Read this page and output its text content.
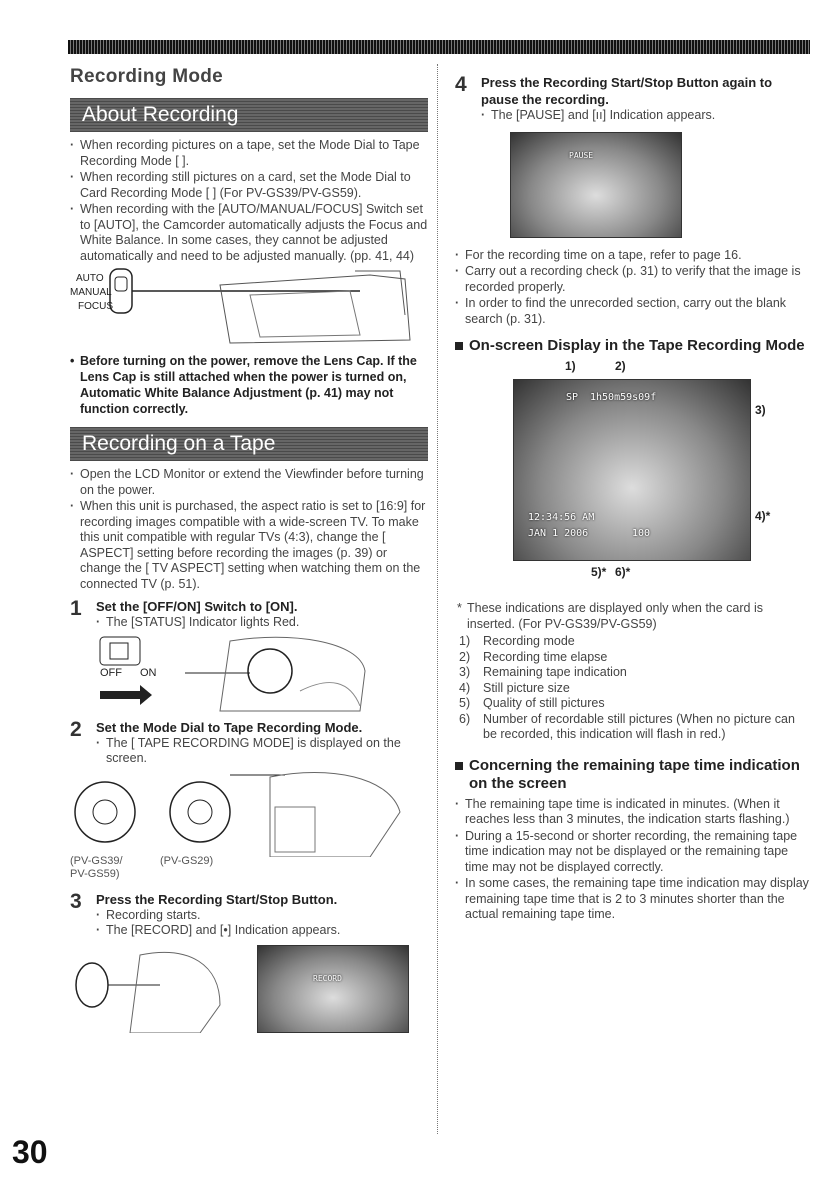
Recording Mode
About Recording
· When recording pictures on a tape, set the Mode Dial to Tape Recording Mode [ ].
· When recording still pictures on a card, set the Mode Dial to Card Recording Mode [ ] (For PV-GS39/PV-GS59).
· When recording with the [AUTO/MANUAL/FOCUS] Switch set to [AUTO], the Camcorder automatically adjusts the Focus and White Balance. In some cases, they cannot be adjusted automatically and need to be adjusted manually. (pp. 41, 44)
AUTO
MANUAL
FOCUS
• Before turning on the power, remove the Lens Cap. If the Lens Cap is still attached when the power is turned on, Automatic White Balance Adjustment (p. 41) may not function correctly.
Recording on a Tape
· Open the LCD Monitor or extend the Viewfinder before turning on the power.
· When this unit is purchased, the aspect ratio is set to [16:9] for recording images compatible with a wide-screen TV. To make this unit compatible with regular TVs (4:3), change the [ ASPECT] setting before recording the images (p. 39) or change the [ TV ASPECT] setting when watching them on the connected TV (p. 51).
1	Set the [OFF/ON] Switch to [ON].
· The [STATUS] Indicator lights Red.
OFF ON
2	Set the Mode Dial to Tape Recording Mode.
· The [ TAPE RECORDING MODE] is displayed on the screen.
(PV-GS39/ PV-GS59)
(PV-GS29)
3	Press the Recording Start/Stop Button.
· Recording starts.
· The [RECORD] and [•] Indication appears.
RECORD
4	Press the Recording Start/Stop Button again to pause the recording.
· The [PAUSE] and [ıı] Indication appears.
PAUSE
· For the recording time on a tape, refer to page 16.
· Carry out a recording check (p. 31) to verify that the image is recorded properly.
· In order to find the unrecorded section, carry out the blank search (p. 31).
On-screen Display in the Tape Recording Mode
1)	2)
SP 1h50m59s09f
12:34:56 AM
JAN 1 2006	100
3)
4)*
5)* 6)*
* These indications are displayed only when the card is inserted. (For PV-GS39/PV-GS59)
1)	Recording mode
2)	Recording time elapse
3)	Remaining tape indication
4)	Still picture size
5)	Quality of still pictures
6)	Number of recordable still pictures (When no picture can be recorded, this indication will flash in red.)
Concerning the remaining tape time indication on the screen
· The remaining tape time is indicated in minutes. (When it reaches less than 3 minutes, the indication starts flashing.)
· During a 15-second or shorter recording, the remaining tape time indication may not be displayed or the remaining tape time may not be displayed correctly.
· In some cases, the remaining tape time indication may display remaining tape time that is 2 to 3 minutes shorter than the actual remaining tape time.
30
